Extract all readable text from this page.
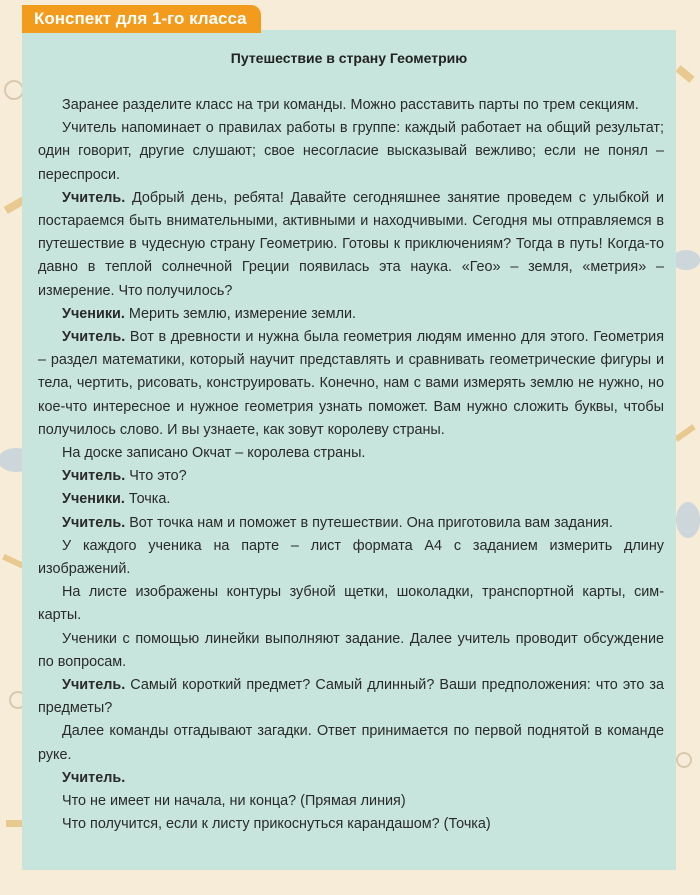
Конспект для 1-го класса
Путешествие в страну Геометрию

Заранее разделите класс на три команды. Можно расставить парты по трем секциям.

Учитель напоминает о правилах работы в группе: каждый работает на общий результат; один говорит, другие слушают; свое несогласие высказывай вежливо; если не понял – переспроси.

Учитель. Добрый день, ребята! Давайте сегодняшнее занятие проведем с улыбкой и постараемся быть внимательными, активными и находчивыми. Сегодня мы отправляемся в путешествие в чудесную страну Геометрию. Готовы к приключениям? Тогда в путь! Когда-то давно в теплой солнечной Греции появилась эта наука. «Гео» – земля, «метрия» – измерение. Что получилось?

Ученики. Мерить землю, измерение земли.

Учитель. Вот в древности и нужна была геометрия людям именно для этого. Геометрия – раздел математики, который научит представлять и сравнивать геометрические фигуры и тела, чертить, рисовать, конструировать. Конечно, нам с вами измерять землю не нужно, но кое-что интересное и нужное геометрия узнать поможет. Вам нужно сложить буквы, чтобы получилось слово. И вы узнаете, как зовут королеву страны.

На доске записано Окчат – королева страны.

Учитель. Что это?

Ученики. Точка.

Учитель. Вот точка нам и поможет в путешествии. Она приготовила вам задания.

У каждого ученика на парте – лист формата А4 с заданием измерить длину изображений.

На листе изображены контуры зубной щетки, шоколадки, транспортной карты, сим-карты.

Ученики с помощью линейки выполняют задание. Далее учитель проводит обсуждение по вопросам.

Учитель. Самый короткий предмет? Самый длинный? Ваши предположения: что это за предметы?

Далее команды отгадывают загадки. Ответ принимается по первой поднятой в команде руке.

Учитель.

Что не имеет ни начала, ни конца? (Прямая линия)

Что получится, если к листу прикоснуться карандашом? (Точка)
